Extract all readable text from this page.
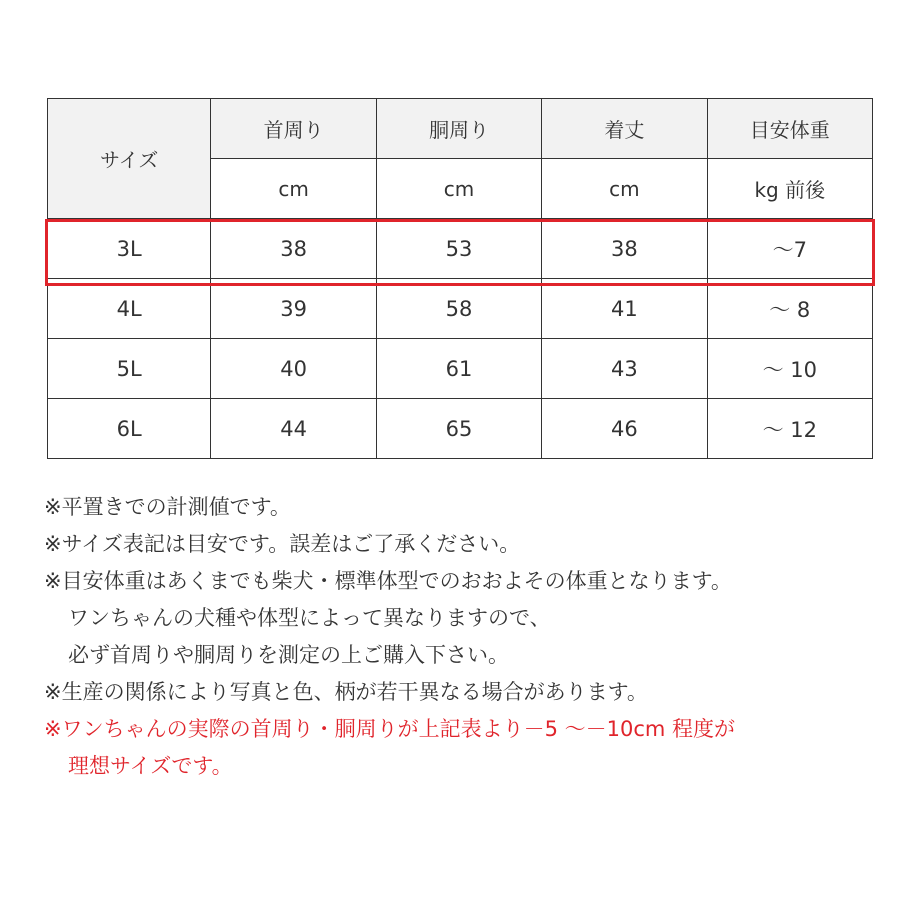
サイズ	首周り	胴周り	着丈	目安体重
	cm	cm	cm	kg 前後
3L	38	53	38	～7
4L	39	58	41	～ 8
5L	40	61	43	～ 10
6L	44	65	46	～ 12
※平置きでの計測値です。
※サイズ表記は目安です。誤差はご了承ください。
※目安体重はあくまでも柴犬・標準体型でのおおよその体重となります。
ワンちゃんの犬種や体型によって異なりますので、
必ず首周りや胴周りを測定の上ご購入下さい。
※生産の関係により写真と色、柄が若干異なる場合があります。
※ワンちゃんの実際の首周り・胴周りが上記表より－5 ～－10cm 程度が
理想サイズです。
